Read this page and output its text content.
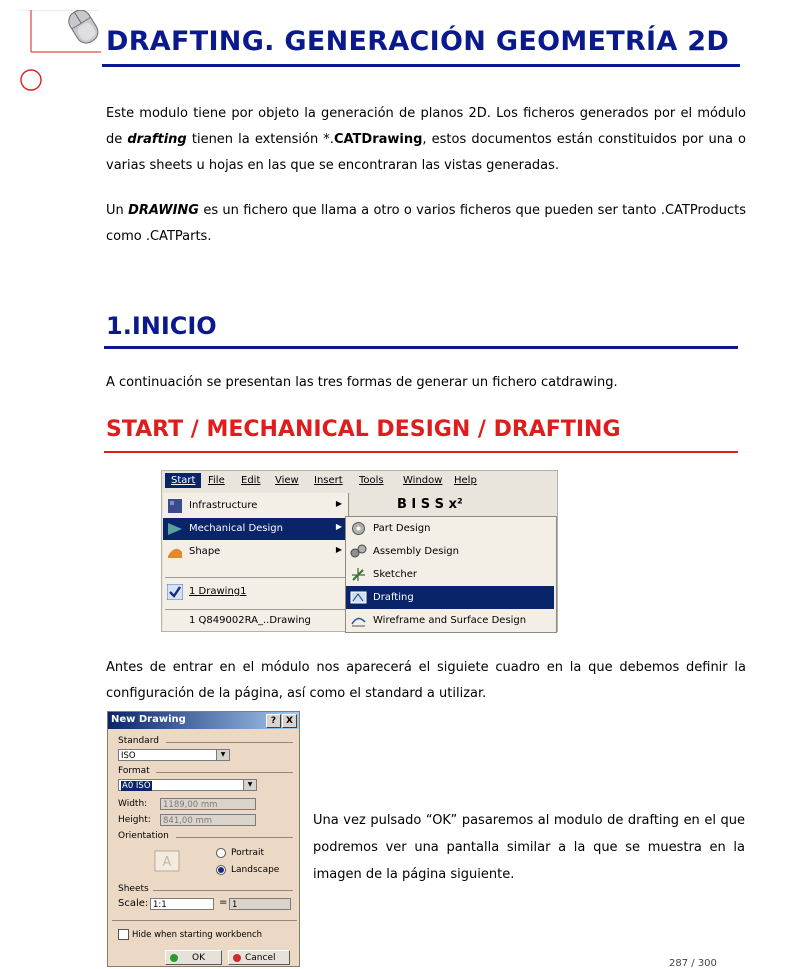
DRAFTING. GENERACIÓN GEOMETRÍA 2D
Este modulo tiene por objeto la generación de planos 2D. Los ficheros generados por el módulo de drafting tienen la extensión *.CATDrawing, estos documentos están constituidos por una o varias sheets u hojas en las que se encontraran las vistas generadas.
Un DRAWING es un fichero que llama a otro o varios ficheros que pueden ser tanto .CATProducts como .CATParts.
1.INICIO
A continuación se presentan las tres formas de generar un fichero catdrawing.
START / MECHANICAL DESIGN / DRAFTING
Start	File Edit View Insert Tools Window Help
B I S S x²
Infrastructure	▶
Mechanical Design	▶
Shape	▶
1 Drawing1
1 Q849002RA_..Drawing
Part Design
Assembly Design
Sketcher
Drafting
Wireframe and Surface Design
Antes de entrar en el módulo nos aparecerá el siguiete cuadro en la que debemos definir la configuración de la página, así como el standard a utilizar.
New Drawing	? X
Standard
ISO	▼
Format
A0 ISO	▼
Width:	1189,00 mm
Height:	841,00 mm
Orientation
A
Portrait
Landscape
Sheets
Scale: 1:1	= 1
Hide when starting workbench
OK	Cancel
Una vez pulsado “OK” pasaremos al modulo de drafting en el que podremos ver una pantalla similar a la que se muestra en la imagen de la página siguiente.
287 / 300
